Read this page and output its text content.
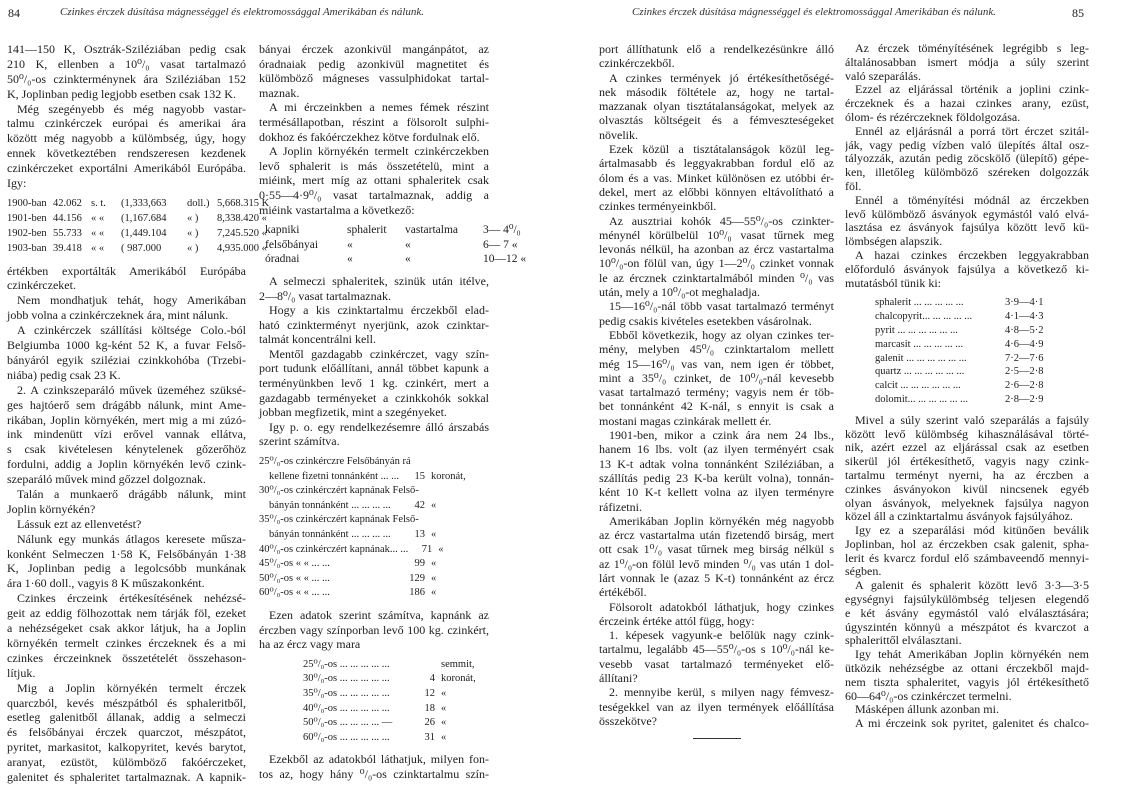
84	Czinkes érczek dúsítása mágnességgel és elektromossággal Amerikában és nálunk.	Czinkes érczek dúsítása mágnességgel és elektromossággal Amerikában és nálunk.	85
141—150 K, Osztrák-Sziléziában pedig csak
210 K, ellenben a 10⁰/₀ vasat tartalmazó
50⁰/₀-os czinkterménynek ára Sziléziában 152
K, Joplinban pedig legjobb esetben csak 132 K.
Még szegényebb és még nagyobb vastar-
talmu czinkérczek európai és amerikai ára
között még nagyobb a külömbség, úgy, hogy
ennek következtében rendszeresen kezdenek
czinkérczeket exportálni Amerikából Európába.
Igy:
1900-ban 42.062 s. t.	(1,333,663	doll.) 5,668.315 K
1901-ben 44.156 « «	(1,167.684	« )	8,338.420 «
1902-ben 55.733 « «	(1,449.104	« )	7,245.520 «
1903-ban 39.418 « «	( 987.000	« )	4,935.000 «
értékben exportálták Amerikából Európába
czinkérczeket.
Nem mondhatjuk tehát, hogy Amerikában
jobb volna a czinkérczeknek ára, mint nálunk.
A czinkérczek szállítási költsége Colo.-ból
Belgiumba 1000 kg-ként 52 K, a fuvar Felső-
bányáról egyik sziléziai czinkkohóba (Trzebi-
niába) pedig csak 23 K.
2. A czinkszeparáló művek üzeméhez szüksé-
ges hajtóerő sem drágább nálunk, mint Ame-
rikában, Joplin környékén, mert mig a mi zúzó-
ink mindenütt vízi erővel vannak ellátva,
s csak kivételesen kénytelenek gőzerőhöz
fordulni, addig a Joplin környékén levő czink-
szeparáló művek mind gőzzel dolgoznak.
Talán a munkaerő drágább nálunk, mint
Joplin környékén?
Lássuk ezt az ellenvetést?
Nálunk egy munkás átlagos keresete műsza-
konként Selmeczen 1·58 K, Felsőbányán 1·38
K, Joplinban pedig a legolcsóbb munkának
ára 1·60 doll., vagyis 8 K műszakonként.
Czinkes érczeink értékesítésének nehézsé-
geit az eddig fölhozottak nem tárják föl, ezeket
a nehézségeket csak akkor látjuk, ha a Joplin
környékén termelt czinkes érczeknek és a mi
czinkes érczeinknek összetételét összehason-
lítjuk.
Mig a Joplin környékén termelt érczek
quarczból, kevés mészpátból és sphaleritből,
esetleg galenitből állanak, addig a selmeczi
és felsőbányai érczek quarczot, mészpátot,
pyritet, markasitot, kalkopyritet, kevés barytot,
aranyat, ezüstöt, külömböző fakóérczeket,
galenitet és sphaleritet tartalmaznak. A kapnik-
bányai érczek azonkivül mangánpátot, az
óradnaiak pedig azonkivül magnetitet és
külömböző mágneses vassulphidokat tartal-
maznak.
A mi érczeinkben a nemes fémek részint
termésállapotban, részint a fölsorolt sulphi-
dokhoz és fakóérczekhez kötve fordulnak elő.
A Joplin környékén termelt czinkérczekben
levő sphalerit is más összetételü, mint a
miéink, mert míg az ottani sphaleritek csak
0·55—4·9⁰/₀ vasat tartalmaznak, addig a
miéink vastartalma a következő:
kapniki	sphalerit	vastartalma	3— 4⁰/₀
felsőbányai	«	«	6— 7 «
óradnai	«	«	10—12 «
A selmeczi sphaleritek, szinük után itélve,
2—8⁰/₀ vasat tartalmaznak.
Hogy a kis czinktartalmu érczekből elad-
ható czinkterményt nyerjünk, azok czinktar-
talmát koncentrálni kell.
Mentől gazdagabb czinkérczet, vagy szín-
port tudunk előállítani, annál többet kapunk a
terményünkben levő 1 kg. czinkért, mert a
gazdagabb terményeket a czinkkohók sokkal
jobban megfizetik, mint a szegényeket.
Igy p. o. egy rendelkezésemre álló árszabás
szerint számítva.
25⁰/₀-os czinkérczre Felsőbányán rá
kellene fizetni tonnánként ... ...	15 koronát,
30⁰/₀-os czinkérczért kapnának Felső-
bányán tonnánként ... ... ... ...	42 «
35⁰/₀-os czinkérczért kapnának Felső-
bányán tonnánként ... ... ... ...	13 «
40⁰/₀-os czinkérczért kapnának... ...	71 «
45⁰/₀-os « « ... ...	99 «
50⁰/₀-os « « ... ...	129 «
60⁰/₀-os « « ... ...	186 «
Ezen adatok szerint számítva, kapnánk az
érczben vagy színporban levő 100 kg. czinkért,
ha az ércz vagy mara
25⁰/₀-os ... ... ... ... ...	semmit,
30⁰/₀-os ... ... ... ... ...	4 koronát,
35⁰/₀-os ... ... ... ... ...	12 «
40⁰/₀-os ... ... ... ... ...	18 «
50⁰/₀-os ... ... ... ... —	26 «
60⁰/₀-os ... ... ... ... ...	31 «
Ezekből az adatokból láthatjuk, milyen fon-
tos az, hogy hány ⁰/₀-os czinktartalmu szín-
port állíthatunk elő a rendelkezésünkre álló
czinkérczekből.
A czinkes termények jó értékesíthetőségé-
nek második föltétele az, hogy ne tartal-
mazzanak olyan tisztátalanságokat, melyek az
olvasztás költségeit és a fémveszteségeket
növelik.
Ezek közül a tisztátalanságok közül leg-
ártalmasabb és leggyakrabban fordul elő az
ólom és a vas. Minket különösen ez utóbbi ér-
dekel, mert az előbbi könnyen eltávolítható a
czinkes terményeinkből.
Az ausztriai kohók 45—55⁰/₀-os czinkter-
ménynél körülbelül 10⁰/₀ vasat tűrnek meg
levonás nélkül, ha azonban az ércz vastartalma
10⁰/₀-on fölül van, úgy 1—2⁰/₀ czinket vonnak
le az ércznek czinktartalmából minden ⁰/₀ vas
után, mely a 10⁰/₀-ot meghaladja.
15—16⁰/₀-nál több vasat tartalmazó terményt
pedig csakis kivételes esetekben vásárolnak.
Ebből következik, hogy az olyan czinkes ter-
mény, melyben 45⁰/₀ czinktartalom mellett
még 15—16⁰/₀ vas van, nem igen ér többet,
mint a 35⁰/₀ czinket, de 10⁰/₀-nál kevesebb
vasat tartalmazó termény; vagyis nem ér töb-
bet tonnánként 42 K-nál, s ennyit is csak a
mostani magas czinkárak mellett ér.
1901-ben, mikor a czink ára nem 24 lbs.,
hanem 16 lbs. volt (az ilyen terményért csak
13 K-t adtak volna tonnánként Sziléziában, a
szállítás pedig 23 K-ba került volna), tonnán-
ként 10 K-t kellett volna az ilyen terményre
ráfizetni.
Amerikában Joplin környékén még nagyobb
az ércz vastartalma után fizetendő birság, mert
ott csak 1⁰/₀ vasat tűrnek meg birság nélkül s
az 1⁰/₀-on fölül levő minden ⁰/₀ vas után 1 dol-
lárt vonnak le (azaz 5 K-t) tonnánként az ércz
értékéből.
Fölsorolt adatokból láthatjuk, hogy czinkes
érczeink értéke attól függ, hogy:
1. képesek vagyunk-e belőlük nagy czink-
tartalmu, legalább 45—55⁰/₀-os s 10⁰/₀-nál ke-
vesebb vasat tartalmazó terményeket elő-
állítani?
2. mennyibe kerül, s milyen nagy fémvesz-
teségekkel van az ilyen termények előállítása
összekötve?
Az érczek töményítésének legrégibb s leg-
általánosabban ismert módja a súly szerint
való szeparálás.
Ezzel az eljárással történik a joplini czink-
érczeknek és a hazai czinkes arany, ezüst,
ólom- és rézérczeknek földolgozása.
Ennél az eljárásnál a porrá tört érczet szitál-
ják, vagy pedig vízben való ülepítés által osz-
tályozzák, azután pedig zöcskölő (ülepítő) gépe-
ken, illetőleg külömböző széreken dolgozzák
föl.
Ennél a töményítési módnál az érczekben
levő külömböző ásványok egymástól való elvá-
lasztása ez ásványok fajsúlya között levő kü-
lömbségen alapszik.
A hazai czinkes érczekben leggyakrabban
előforduló ásványok fajsúlya a következő ki-
mutatásból tünik ki:
sphalerit ... ... ... ... ...	3·9—4·1
chalcopyrit... ... ... ... ...	4·1—4·3
pyrit ... ... ... ... ... ...	4·8—5·2
marcasit ... ... ... ... ...	4·6—4·9
galenit ... ... ... ... ... ...	7·2—7·6
quartz ... ... ... ... ... ...	2·5—2·8
calcit ... ... ... ... ... ...	2·6—2·8
dolomit... ... ... ... ... ...	2·8—2·9
Mivel a súly szerint való szeparálás a fajsúly
között levő külömbség kihasználásával törté-
nik, azért ezzel az eljárással csak az esetben
sikerül jól értékesíthető, vagyis nagy czink-
tartalmu terményt nyerni, ha az érczben a
czinkes ásványokon kivül nincsenek egyéb
olyan ásványok, melyeknek fajsúlya nagyon
közel áll a czinktartalmu ásványok fajsúlyához.
Igy ez a szeparálási mód kitünően beválik
Joplinban, hol az érczekben csak galenit, spha-
lerit és kvarcz fordul elő számbaveendő mennyi-
ségben.
A galenit és sphalerit között levő 3·3—3·5
egységnyi fajsúlykülömbség teljesen elegendő
e két ásvány egymástól való elválasztására;
úgyszintén könnyü a mészpátot és kvarczot a
sphalerittől elválasztani.
Igy tehát Amerikában Joplin környékén nem
ütközik nehézségbe az ottani érczekből majd-
nem tiszta sphaleritet, vagyis jól értékesíthető
60—64⁰/₀-os czinkérczet termelni.
Másképen állunk azonban mi.
A mi érczeink sok pyritet, galenitet és chalco-
